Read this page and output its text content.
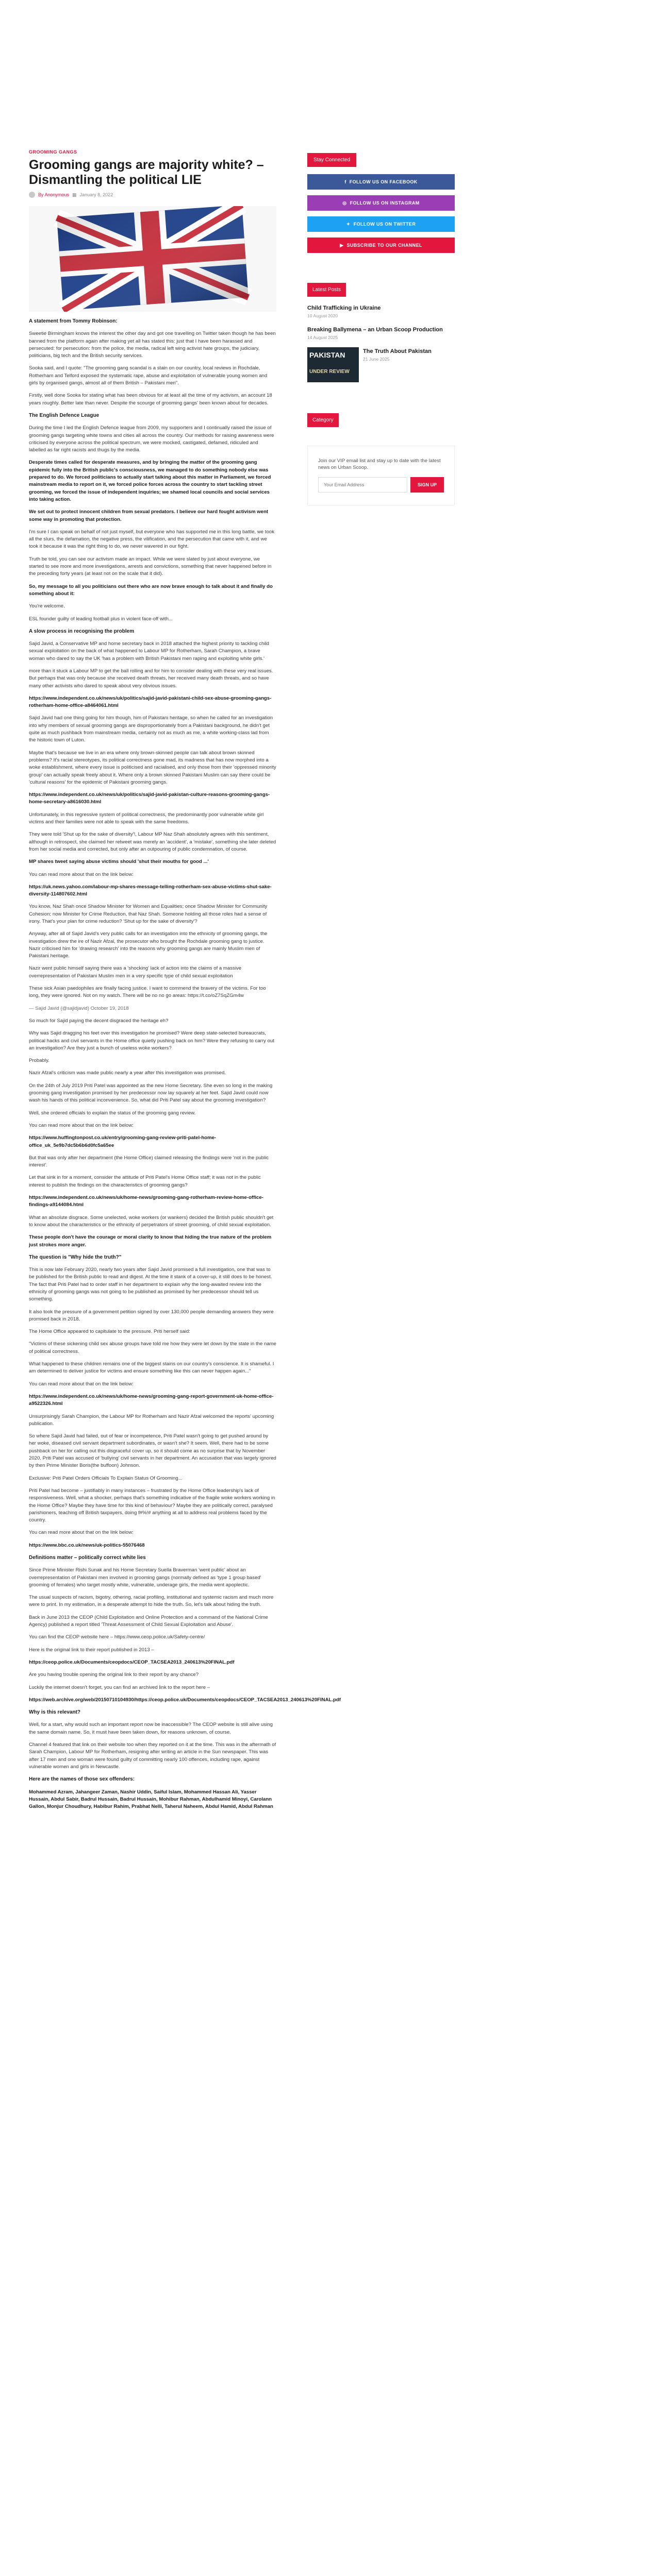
GROOMING GANGS
Grooming gangs are majority white? – Dismantling the political LIE
By Anonymous ▦ January 8, 2022

A statement from Tommy Robinson:

Sweetie Birmingham knows the interest the other day and got one travelling on Twitter taken though he has been banned from the platform again after making yet all has stated this: just that I have been harassed and persecuted: for persecution: from the police, the media, radical left wing activist hate groups, the judiciary, politicians, big tech and the British security services.

Sooka said, and I quote: "The grooming gang scandal is a stain on our country, local reviews in Rochdale, Rotherham and Telford exposed the systematic rape, abuse and exploitation of vulnerable young women and girls by organised gangs, almost all of them British – Pakistani men".

Firstly, well done Sooka for stating what has been obvious for at least all the time of my activism, an account 18 years roughly. Better late than never. Despite the scourge of grooming gangs' been known about for decades.

The English Defence League

During the time I led the English Defence league from 2009, my supporters and I continually raised the issue of grooming gangs targeting white towns and cities all across the country. Our methods for raising awareness were criticised by everyone across the political spectrum, we were mocked, castigated, defamed, ridiculed and labelled as far right racists and thugs by the media.

Desperate times called for desperate measures, and by bringing the matter of the grooming gang epidemic fully into the British public's consciousness, we managed to do something nobody else was prepared to do. We forced politicians to actually start talking about this matter in Parliament, we forced mainstream media to report on it, we forced police forces across the country to start tackling street grooming, we forced the issue of independent inquiries; we shamed local councils and social services into taking action.

We set out to protect innocent children from sexual predators. I believe our hard fought activism went some way in promoting that protection.

I'm sure I can speak on behalf of not just myself, but everyone who has supported me in this long battle, we took all the slurs, the defamation, the negative press, the vilification, and the persecution that came with it, and we took it because it was the right thing to do, we never wavered in our fight.

Truth be told, you can see our activism made an impact. While we were slated by just about everyone, we started to see more and more investigations, arrests and convictions, something that never happened before in the preceding forty years (at least not on the scale that it did).

So, my message to all you politicians out there who are now brave enough to talk about it and finally do something about it:

You're welcome.

ESL founder guilty of leading football plus in violent face-off with...

A slow process in recognising the problem

Sajid Javid, a Conservative MP and home secretary back in 2018 attached the highest priority to tackling child sexual exploitation on the back of what happened to Labour MP for Rotherham, Sarah Champion, a brave woman who dared to say the UK 'has a problem with British Pakistani men raping and exploiting white girls.'

more than it stuck a Labour MP to get the ball rolling and for him to consider dealing with these very real issues. But perhaps that was only because she received death threats, her received many death threats, and so have many other activists who dared to speak about very obvious issues.

https://www.independent.co.uk/news/uk/politics/sajid-javid-pakistani-child-sex-abuse-grooming-gangs-rotherham-home-office-a8464061.html

Sajid Javid had one thing going for him though, him of Pakistani heritage, so when he called for an investigation into why members of sexual grooming gangs are disproportionately from a Pakistani background, he didn't get quite as much pushback from mainstream media, certainly not as much as me, a white working-class lad from the historic town of Luton.

Maybe that's because we live in an era where only brown-skinned people can talk about brown skinned problems? It's racial stereotypes, its political correctness gone mad, its madness that has now morphed into a woke establishment, where every issue is politicised and racialised, and only those from their 'oppressed minority group' can actually speak freely about it. Where only a brown skinned Pakistani Muslim can say there could be 'cultural reasons' for the epidemic of Pakistani grooming gangs.

https://www.independent.co.uk/news/uk/politics/sajid-javid-pakistan-culture-reasons-grooming-gangs-home-secretary-a8616030.html

Unfortunately, in this regressive system of political correctness, the predominantly poor vulnerable white girl victims and their families were not able to speak with the same freedoms.

They were told 'Shut up for the sake of diversity'!, Labour MP Naz Shah absolutely agrees with this sentiment, although in retrospect, she claimed her retweet was merely an 'accident', a 'mistake', something she later deleted from her social media and corrected, but only after an outpouring of public condemnation, of course.

MP shares tweet saying abuse victims should 'shut their mouths for good ...'

You can read more about that on the link below:

https://uk.news.yahoo.com/labour-mp-shares-message-telling-rotherham-sex-abuse-victims-shut-sake-diversity-114807602.html

You know, Naz Shah once Shadow Minister for Women and Equalities; once Shadow Minister for Community Cohesion; now Minister for Crime Reduction, that Naz Shah. Someone holding all those roles had a sense of irony. That's your plan for crime reduction? 'Shut up for the sake of diversity'?

Anyway, after all of Sajid Javid's very public calls for an investigation into the ethnicity of grooming gangs, the investigation drew the ire of Nazir Afzal, the prosecutor who brought the Rochdale grooming gang to justice. Nazir criticised him for 'drawing research' into the reasons why grooming gangs are mainly Muslim men of Pakistani heritage.

Nazir went public himself saying there was a 'shocking' lack of action into the claims of a massive overrepresentation of Pakistani Muslim men in a very specific type of child sexual exploitation

These sick Asian paedophiles are finally facing justice. I want to commend the bravery of the victims. For too long, they were ignored. Not on my watch. There will be no no go areas: https://t.co/oZ7SqZGm4w

— Sajid Javid (@sajidjavid) October 19, 2018

So much for Sajid paying the decent disgraced the heritage eh?

Why was Sajid dragging his feet over this investigation he promised? Were deep state-selected bureaucrats, political hacks and civil servants in the Home office quietly pushing back on him? Were they refusing to carry out an investigation? Are they just a bunch of useless woke workers?

Probably.

Nazir Afzal's criticism was made public nearly a year after this investigation was promised.

On the 24th of July 2019 Priti Patel was appointed as the new Home Secretary. She even so long in the making grooming gang investigation promised by her predecessor now lay squarely at her feet. Sajid Javid could now wash his hands of this political inconvenience. So, what did Priti Patel say about the grooming investigation?

Well, she ordered officials to explain the status of the grooming gang review.

You can read more about that on the link below:

https://www.huffingtonpost.co.uk/entry/grooming-gang-review-priti-patel-home-office_uk_5e9b7dc5b6b6d0fc5a65ee

But that was only after her department (the Home Office) claimed releasing the findings were 'not in the public interest'.

Let that sink in for a moment, consider the attitude of Priti Patel's Home Office staff; it was not in the public interest to publish the findings on the characteristics of grooming gangs?

https://www.independent.co.uk/news/uk/home-news/grooming-gang-rotherham-review-home-office-findings-a9144084.html

What an absolute disgrace. Some unelected, woke workers (or wankers) decided the British public shouldn't get to know about the characteristics or the ethnicity of perpetrators of street grooming, of child sexual exploitation.

These people don't have the courage or moral clarity to know that hiding the true nature of the problem just strokes more anger.

The question is "Why hide the truth?"

This is now late February 2020, nearly two years after Sajid Javid promised a full investigation, one that was to be published for the British public to read and digest. At the time it stank of a cover-up, it still does to be honest. The fact that Priti Patel had to order staff in her department to explain why the long-awaited review into the ethnicity of grooming gangs was not going to be published as promised by her predecessor should tell us something.

It also took the pressure of a government petition signed by over 130,000 people demanding answers they were promised back in 2018.

The Home Office appeared to capitulate to the pressure. Priti herself said:

"Victims of these sickening child sex abuse groups have told me how they were let down by the state in the name of political correctness.

What happened to these children remains one of the biggest stains on our country's conscience. It is shameful. I am determined to deliver justice for victims and ensure something like this can never happen again..."

You can read more about that on the link below:

https://www.independent.co.uk/news/uk/home-news/grooming-gang-report-government-uk-home-office-a9522326.html

Unsurprisingly Sarah Champion, the Labour MP for Rotherham and Nazir Afzal welcomed the reports' upcoming publication.

So where Sajid Javid had failed, out of fear or incompetence, Priti Patel wasn't going to get pushed around by her woke, diseased civil servant department subordinates, or wasn't she? It seem. Well, there had to be some pushback on her for calling out this disgraceful cover up, so it should come as no surprise that by November 2020, Priti Patel was accused of 'bullying' civil servants in her department. An accusation that was largely ignored by then Prime Minister Boris(the buffoon) Johnson.

Exclusive: Priti Patel Orders Officials To Explain Status Of Grooming...

Priti Patel had become – justifiably in many instances – frustrated by the Home Office leadership's lack of responsiveness. Well, what a shocker, perhaps that's something indicative of the fragile woke workers working in the Home Office? Maybe they have time for this kind of behaviour? Maybe they are politically correct, paralysed parishioners, teaching off British taxpayers, doing f#%!# anything at all to address real problems faced by the country.

You can read more about that on the link below:

https://www.bbc.co.uk/news/uk-politics-55076468

Definitions matter – politically correct white lies

Since Prime Minister Rishi Sunak and his Home Secretary Suella Braverman 'went public' about an overrepresentation of Pakistani men involved in grooming gangs (normally defined as 'type 1 group based' grooming of females) who target mostly white, vulnerable, underage girls, the media went apoplectic.

The usual suspects of racism, bigotry, othering, racial profiling, institutional and systemic racism and much more were to print. In my estimation, in a desperate attempt to hide the truth. So, let's talk about hiding the truth.

Back in June 2013 the CEOP (Child Exploitation and Online Protection and a command of the National Crime Agency) published a report titled 'Threat Assessment of Child Sexual Exploitation and Abuse'.

You can find the CEOP website here – https://www.ceop.police.uk/Safety-centre/

Here is the original link to their report published in 2013 –

https://ceop.police.uk/Documents/ceopdocs/CEOP_TACSEA2013_240613%20FINAL.pdf

Are you having trouble opening the original link to their report by any chance?

Luckily the internet doesn't forget, you can find an archived link to the report here –

https://web.archive.org/web/20150710104930/https://ceop.police.uk/Documents/ceopdocs/CEOP_TACSEA2013_240613%20FINAL.pdf

Why is this relevant?

Well, for a start, why would such an important report now be inaccessible? The CEOP website is still alive using the same domain name. So, it must have been taken down, for reasons unknown, of course.

Channel 4 featured that link on their website too when they reported on it at the time. This was in the aftermath of Sarah Champion, Labour MP for Rotherham, resigning after writing an article in the Sun newspaper. This was after 17 men and one woman were found guilty of committing nearly 100 offences, including rape, against vulnerable women and girls in Newcastle.

Here are the names of those sex offenders:

Mohammed Azram, Jahangeer Zaman, Nashir Uddin, Saiful Islam, Mohammed Hassan Ali, Yasser Hussain, Abdul Sabir, Badrul Hussain, Badrul Hussain, Mohibur Rahman, Abdulhamid Minoyi, Carolann Gallon, Monjur Choudhury, Habibur Rahim, Prabhat Nelli, Taherul Naheem, Abdul Hamid, Abdul Rahman

Stay Connected
f FOLLOW US ON FACEBOOK
◎ FOLLOW US ON INSTAGRAM
✦ FOLLOW US ON TWITTER
▶ SUBSCRIBE TO OUR CHANNEL
Latest Posts
Child Trafficking in Ukraine
10 August 2020
Breaking Ballymena – an Urban Scoop Production
14 August 2025
PAKISTAN
UNDER REVIEW
The Truth About Pakistan
21 June 2025
Category
Join our VIP email list and stay up to date with the latest news on Urban Scoop.
Your Email Address
SIGN UP
